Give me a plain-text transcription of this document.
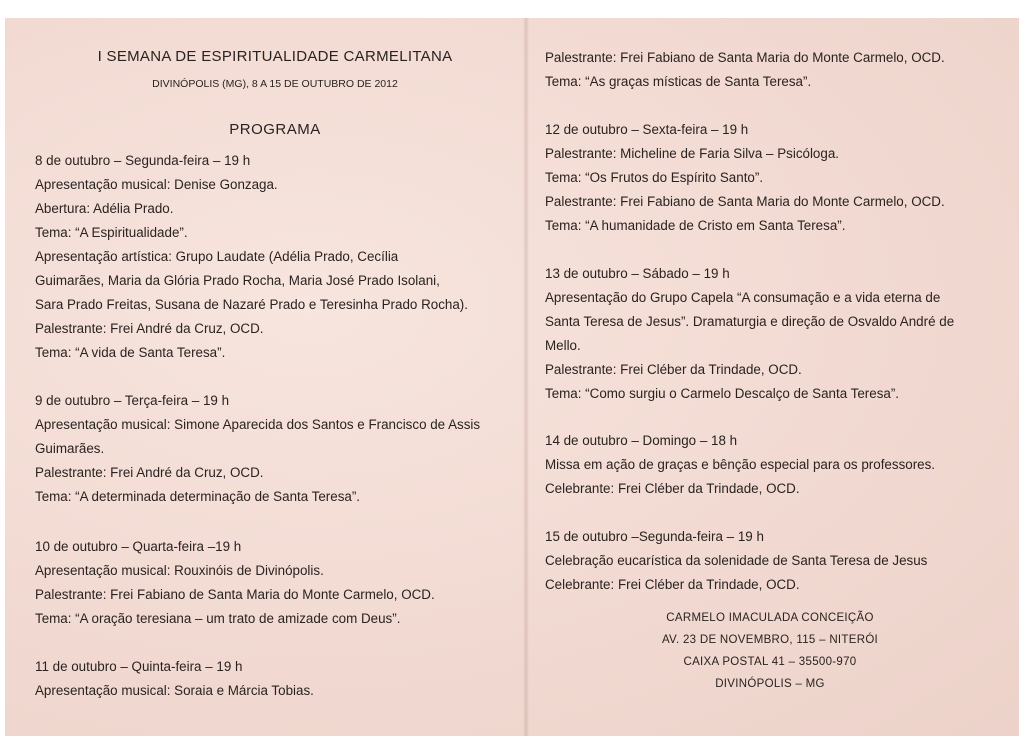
I SEMANA DE ESPIRITUALIDADE CARMELITANA
DIVINÓPOLIS (MG), 8 A 15 DE OUTUBRO DE 2012
PROGRAMA
8 de outubro – Segunda-feira – 19 h
Apresentação musical: Denise Gonzaga.
Abertura: Adélia Prado.
Tema: “A Espiritualidade”.
Apresentação artística: Grupo Laudate (Adélia Prado, Cecília
Guimarães, Maria da Glória Prado Rocha, Maria José Prado Isolani,
Sara Prado Freitas, Susana de Nazaré Prado e Teresinha Prado Rocha).
Palestrante: Frei André da Cruz, OCD.
Tema: “A vida de Santa Teresa”.
9 de outubro – Terça-feira – 19 h
Apresentação musical: Simone Aparecida dos Santos e Francisco de Assis
Guimarães.
Palestrante: Frei André da Cruz, OCD.
Tema: “A determinada determinação de Santa Teresa”.
10 de outubro – Quarta-feira –19 h
Apresentação musical: Rouxinóis de Divinópolis.
Palestrante: Frei Fabiano de Santa Maria do Monte Carmelo, OCD.
Tema: “A oração teresiana – um trato de amizade com Deus”.
11 de outubro – Quinta-feira – 19 h
Apresentação musical: Soraia e Márcia Tobias.
Palestrante: Frei Fabiano de Santa Maria do Monte Carmelo, OCD.
Tema: “As graças místicas de Santa Teresa”.
12 de outubro – Sexta-feira – 19 h
Palestrante: Micheline de Faria Silva – Psicóloga.
Tema: “Os Frutos do Espírito Santo”.
Palestrante: Frei Fabiano de Santa Maria do Monte Carmelo, OCD.
Tema: “A humanidade de Cristo em Santa Teresa”.
13 de outubro – Sábado – 19 h
Apresentação do Grupo Capela “A consumação e a vida eterna de
Santa Teresa de Jesus”. Dramaturgia e direção de Osvaldo André de
Mello.
Palestrante: Frei Cléber da Trindade, OCD.
Tema: “Como surgiu o Carmelo Descalço de Santa Teresa”.
14 de outubro – Domingo – 18 h
Missa em ação de graças e bênção especial para os professores.
Celebrante: Frei Cléber da Trindade, OCD.
15 de outubro –Segunda-feira – 19 h
Celebração eucarística da solenidade de Santa Teresa de Jesus
Celebrante: Frei Cléber da Trindade, OCD.
CARMELO IMACULADA CONCEIÇÃO
AV. 23 DE NOVEMBRO, 115 – NITERÓI
CAIXA POSTAL 41 – 35500-970
DIVINÓPOLIS – MG
